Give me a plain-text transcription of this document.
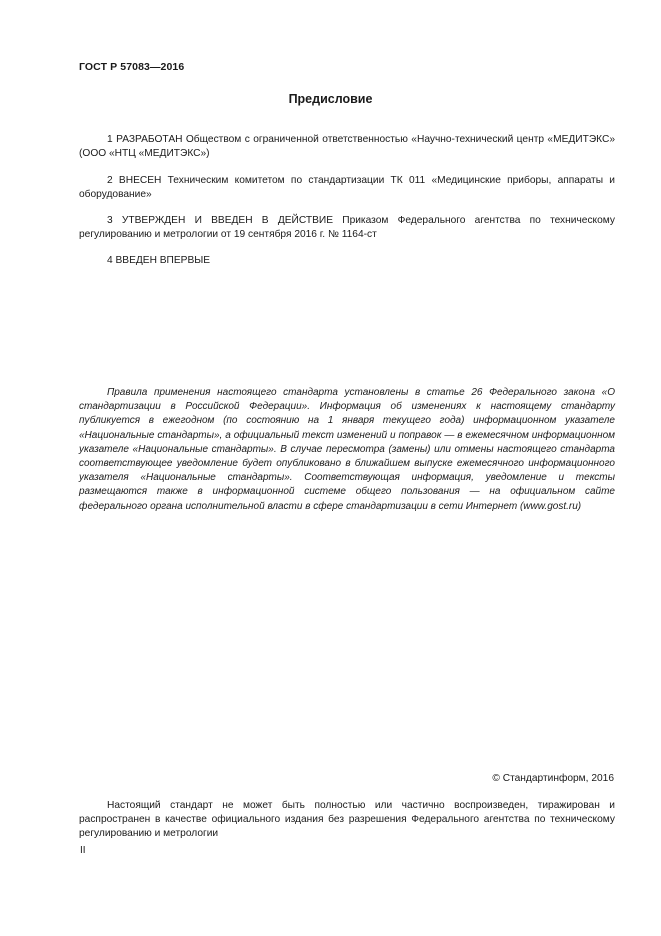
ГОСТ Р 57083—2016
Предисловие
1 РАЗРАБОТАН Обществом с ограниченной ответственностью «Научно-технический центр «МЕДИТЭКС» (ООО «НТЦ «МЕДИТЭКС»)
2 ВНЕСЕН Техническим комитетом по стандартизации ТК 011 «Медицинские приборы, аппараты и оборудование»
3 УТВЕРЖДЕН И ВВЕДЕН В ДЕЙСТВИЕ Приказом Федерального агентства по техническому регулированию и метрологии от 19 сентября 2016 г. № 1164-ст
4 ВВЕДЕН ВПЕРВЫЕ
Правила применения настоящего стандарта установлены в статье 26 Федерального закона «О стандартизации в Российской Федерации». Информация об изменениях к настоящему стандарту публикуется в ежегодном (по состоянию на 1 января текущего года) информационном указателе «Национальные стандарты», а официальный текст изменений и поправок — в ежемесячном информационном указателе «Национальные стандарты». В случае пересмотра (замены) или отмены настоящего стандарта соответствующее уведомление будет опубликовано в ближайшем выпуске ежемесячного информационного указателя «Национальные стандарты». Соответствующая информация, уведомление и тексты размещаются также в информационной системе общего пользования — на официальном сайте федерального органа исполнительной власти в сфере стандартизации в сети Интернет (www.gost.ru)
© Стандартинформ, 2016
Настоящий стандарт не может быть полностью или частично воспроизведен, тиражирован и распространен в качестве официального издания без разрешения Федерального агентства по техническому регулированию и метрологии
II
